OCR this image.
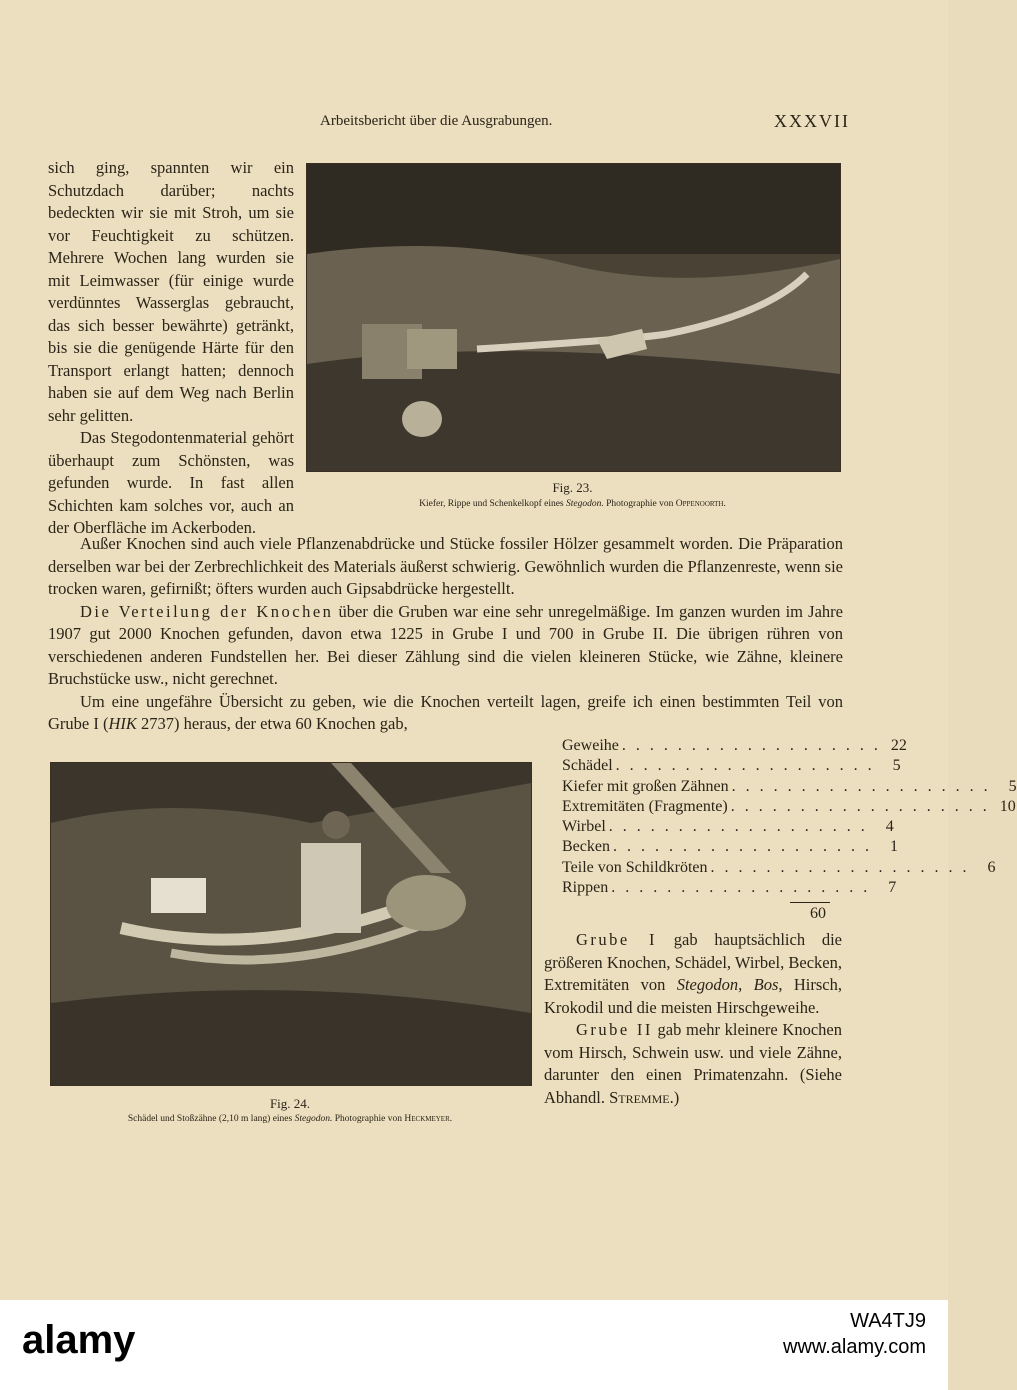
Arbeitsbericht über die Ausgrabungen.	XXXVII

sich ging, spannten wir ein Schutzdach darüber; nachts bedeckten wir sie mit Stroh, um sie vor Feuchtigkeit zu schützen. Mehrere Wochen lang wurden sie mit Leimwasser (für einige wurde verdünntes Wasserglas gebraucht, das sich besser bewährte) getränkt, bis sie die genügende Härte für den Transport erlangt hatten; dennoch haben sie auf dem Weg nach Berlin sehr gelitten.

Das Stegodontenmaterial gehört überhaupt zum Schönsten, was gefunden wurde. In fast allen Schichten kam solches vor, auch an der Oberfläche im Ackerboden.

Fig. 23.
Kiefer, Rippe und Schenkelkopf eines Stegodon. Photographie von Oppenoorth.

Außer Knochen sind auch viele Pflanzenabdrücke und Stücke fossiler Hölzer gesammelt worden. Die Präparation derselben war bei der Zerbrechlichkeit des Materials äußerst schwierig. Gewöhnlich wurden die Pflanzenreste, wenn sie trocken waren, gefirnißt; öfters wurden auch Gipsabdrücke hergestellt.

Die Verteilung der Knochen über die Gruben war eine sehr unregelmäßige. Im ganzen wurden im Jahre 1907 gut 2000 Knochen gefunden, davon etwa 1225 in Grube I und 700 in Grube II. Die übrigen rühren von verschiedenen anderen Fundstellen her. Bei dieser Zählung sind die vielen kleineren Stücke, wie Zähne, kleinere Bruchstücke usw., nicht gerechnet.

Um eine ungefähre Übersicht zu geben, wie die Knochen verteilt lagen, greife ich einen bestimmten Teil von Grube I (HIK 2737) heraus, der etwa 60 Knochen gab,

Fig. 24.
Schädel und Stoßzähne (2,10 m lang) eines Stegodon. Photographie von Heckmeyer.
Geweihe . . . . . . . . . . . . . . . . . . . 22
Schädel . . . . . . . . . . . . . . . . . . .	5
Kiefer mit großen Zähnen . . . . . . . . . . . . . . . . . . .	5
Extremitäten (Fragmente) . . . . . . . . . . . . . . . . . . . 10
Wirbel . . . . . . . . . . . . . . . . . . .	4
Becken . . . . . . . . . . . . . . . . . . .	1
Teile von Schildkröten . . . . . . . . . . . . . . . . . . .	6
Rippen . . . . . . . . . . . . . . . . . . .	7
60

Grube I gab hauptsächlich die größeren Knochen, Schädel, Wirbel, Becken, Extremitäten von Stegodon, Bos, Hirsch, Krokodil und die meisten Hirschgeweihe.

Grube II gab mehr kleinere Knochen vom Hirsch, Schwein usw. und viele Zähne, darunter den einen Primatenzahn. (Siehe Abhandl. Stremme.)

alamy	WA4TJ9
www.alamy.com
